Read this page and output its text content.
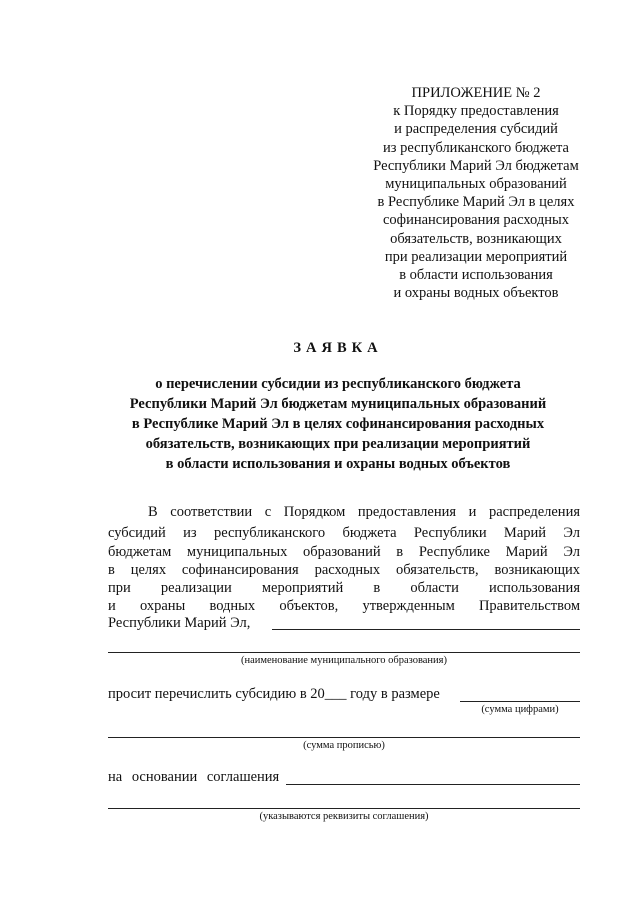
ПРИЛОЖЕНИЕ № 2
к Порядку предоставления
и распределения субсидий
из республиканского бюджета
Республики Марий Эл бюджетам
муниципальных образований
в Республике Марий Эл в целях
софинансирования расходных
обязательств, возникающих
при реализации мероприятий
в области использования
и охраны водных объектов
ЗАЯВКА
о перечислении субсидии из республиканского бюджета
Республики Марий Эл бюджетам муниципальных образований
в Республике Марий Эл в целях софинансирования расходных
обязательств, возникающих при реализации мероприятий
в области использования и охраны водных объектов
В соответствии с Порядком предоставления и распределения
субсидий из республиканского бюджета Республики Марий Эл
бюджетам муниципальных образований в Республике Марий Эл
в целях софинансирования расходных обязательств, возникающих
при реализации мероприятий в области использования
и охраны водных объектов, утвержденным Правительством
Республики Марий Эл,
(наименование муниципального образования)
просит перечислить субсидию в 20___ году в размере
(сумма цифрами)
(сумма прописью)
на основании соглашения
(указываются реквизиты соглашения)
